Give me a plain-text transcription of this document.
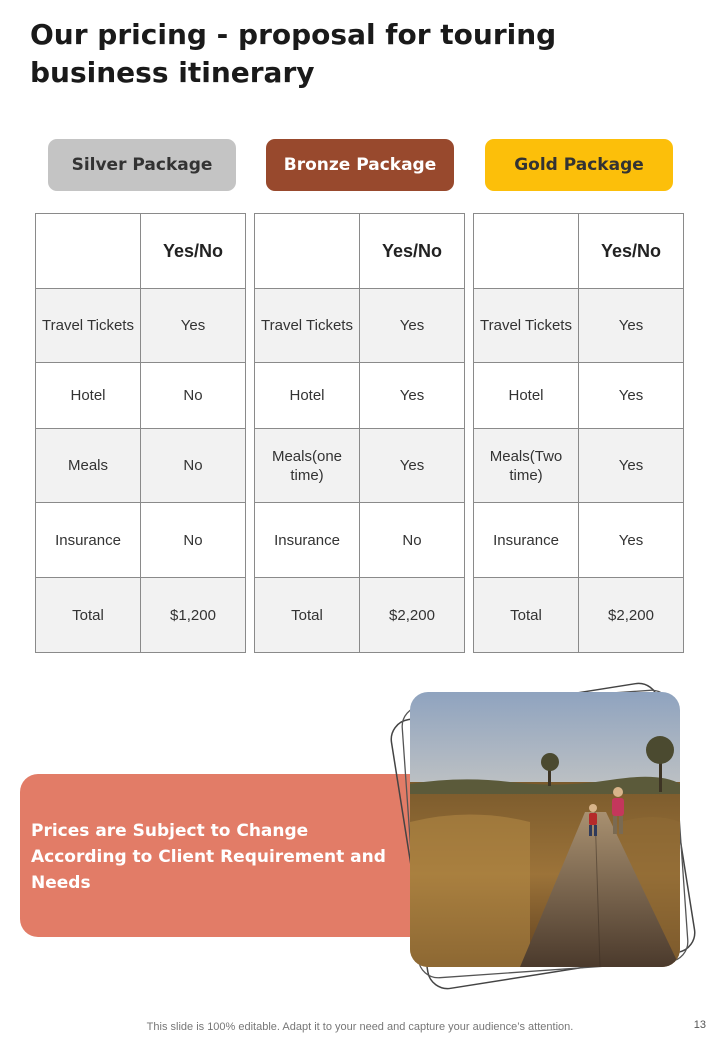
Our pricing - proposal for touring business itinerary
Silver Package	Bronze Package	Gold Package
	Yes/No
Travel Tickets	Yes
Hotel	No
Meals	No
Insurance	No
Total	$1,200
	Yes/No
Travel Tickets	Yes
Hotel	Yes
Meals(one time)	Yes
Insurance	No
Total	$2,200
	Yes/No
Travel Tickets	Yes
Hotel	Yes
Meals(Two time)	Yes
Insurance	Yes
Total	$2,200
Prices are Subject to Change According to Client Requirement and Needs
This slide is 100% editable. Adapt it to your need and capture your audience’s attention.	13
